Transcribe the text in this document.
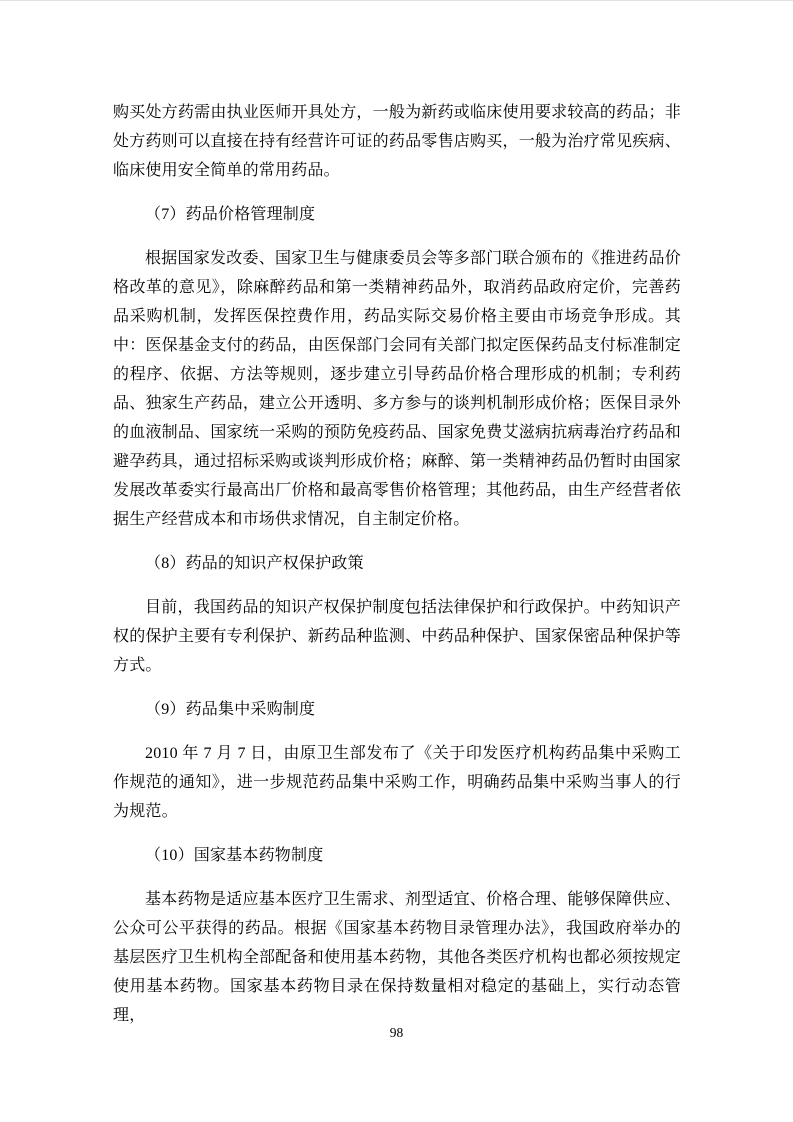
购买处方药需由执业医师开具处方，一般为新药或临床使用要求较高的药品；非处方药则可以直接在持有经营许可证的药品零售店购买，一般为治疗常见疾病、临床使用安全简单的常用药品。

（7）药品价格管理制度

根据国家发改委、国家卫生与健康委员会等多部门联合颁布的《推进药品价格改革的意见》，除麻醉药品和第一类精神药品外，取消药品政府定价，完善药品采购机制，发挥医保控费作用，药品实际交易价格主要由市场竞争形成。其中：医保基金支付的药品，由医保部门会同有关部门拟定医保药品支付标准制定的程序、依据、方法等规则，逐步建立引导药品价格合理形成的机制；专利药品、独家生产药品，建立公开透明、多方参与的谈判机制形成价格；医保目录外的血液制品、国家统一采购的预防免疫药品、国家免费艾滋病抗病毒治疗药品和避孕药具，通过招标采购或谈判形成价格；麻醉、第一类精神药品仍暂时由国家发展改革委实行最高出厂价格和最高零售价格管理；其他药品，由生产经营者依据生产经营成本和市场供求情况，自主制定价格。

（8）药品的知识产权保护政策

目前，我国药品的知识产权保护制度包括法律保护和行政保护。中药知识产权的保护主要有专利保护、新药品种监测、中药品种保护、国家保密品种保护等方式。

（9）药品集中采购制度

2010 年 7 月 7 日，由原卫生部发布了《关于印发医疗机构药品集中采购工作规范的通知》，进一步规范药品集中采购工作，明确药品集中采购当事人的行为规范。

（10）国家基本药物制度

基本药物是适应基本医疗卫生需求、剂型适宜、价格合理、能够保障供应、公众可公平获得的药品。根据《国家基本药物目录管理办法》，我国政府举办的基层医疗卫生机构全部配备和使用基本药物，其他各类医疗机构也都必须按规定使用基本药物。国家基本药物目录在保持数量相对稳定的基础上，实行动态管理，

98
